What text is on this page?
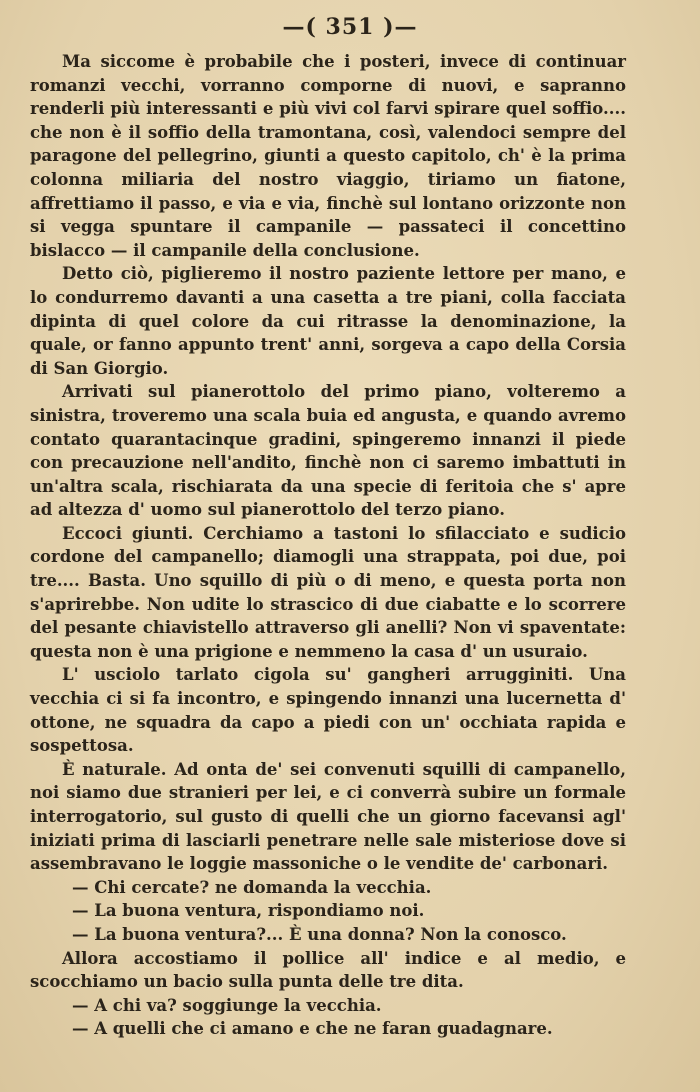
—( 351 )—

Ma siccome è probabile che i posteri, invece di continuar romanzi vecchi, vorranno comporne di nuovi, e sapranno renderli più interessanti e più vivi col farvi spirare quel soffio.... che non è il soffio della tramontana, così, valendoci sempre del paragone del pellegrino, giunti a questo capitolo, ch' è la prima colonna miliaria del nostro viaggio, tiriamo un fiatone, affrettiamo il passo, e via e via, finchè sul lontano orizzonte non si vegga spuntare il campanile — passateci il concettino bislacco — il campanile della conclusione.

Detto ciò, piglieremo il nostro paziente lettore per mano, e lo condurremo davanti a una casetta a tre piani, colla facciata dipinta di quel colore da cui ritrasse la denominazione, la quale, or fanno appunto trent' anni, sorgeva a capo della Corsia di San Giorgio.

Arrivati sul pianerottolo del primo piano, volteremo a sinistra, troveremo una scala buia ed angusta, e quando avremo contato quarantacinque gradini, spingeremo innanzi il piede con precauzione nell'andito, finchè non ci saremo imbattuti in un'altra scala, rischiarata da una specie di feritoia che s' apre ad altezza d' uomo sul pianerottolo del terzo piano.

Eccoci giunti. Cerchiamo a tastoni lo sfilacciato e sudicio cordone del campanello; diamogli una strappata, poi due, poi tre.... Basta. Uno squillo di più o di meno, e questa porta non s'aprirebbe. Non udite lo strascico di due ciabatte e lo scorrere del pesante chiavistello attraverso gli anelli? Non vi spaventate: questa non è una prigione e nemmeno la casa d' un usuraio.

L' usciolo tarlato cigola su' gangheri arrugginiti. Una vecchia ci si fa incontro, e spingendo innanzi una lucernetta d' ottone, ne squadra da capo a piedi con un' occhiata rapida e sospettosa.

È naturale. Ad onta de' sei convenuti squilli di campanello, noi siamo due stranieri per lei, e ci converrà subire un formale interrogatorio, sul gusto di quelli che un giorno facevansi agl' iniziati prima di lasciarli penetrare nelle sale misteriose dove si assembravano le loggie massoniche o le vendite de' carbonari.

— Chi cercate? ne domanda la vecchia.

— La buona ventura, rispondiamo noi.

— La buona ventura?... È una donna? Non la conosco.

Allora accostiamo il pollice all' indice e al medio, e scocchiamo un bacio sulla punta delle tre dita.

— A chi va? soggiunge la vecchia.

— A quelli che ci amano e che ne faran guadagnare.
